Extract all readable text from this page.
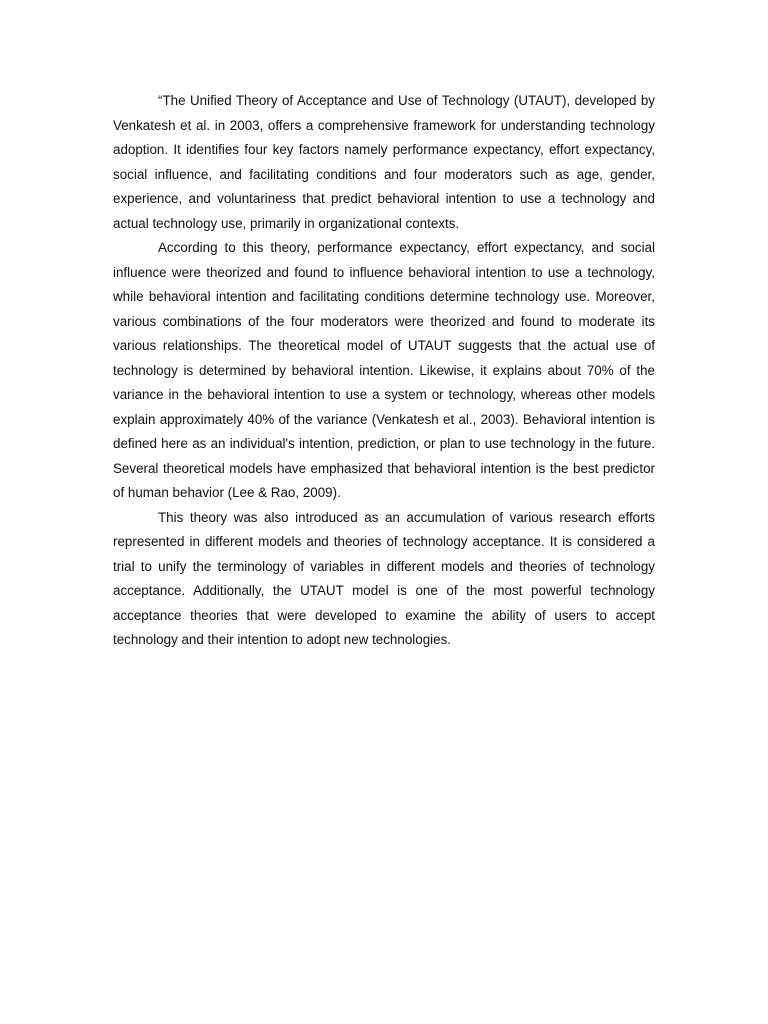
“The Unified Theory of Acceptance and Use of Technology (UTAUT), developed by Venkatesh et al. in 2003, offers a comprehensive framework for understanding technology adoption. It identifies four key factors namely performance expectancy, effort expectancy, social influence, and facilitating conditions and four moderators such as age, gender, experience, and voluntariness that predict behavioral intention to use a technology and actual technology use, primarily in organizational contexts.

According to this theory, performance expectancy, effort expectancy, and social influence were theorized and found to influence behavioral intention to use a technology, while behavioral intention and facilitating conditions determine technology use. Moreover, various combinations of the four moderators were theorized and found to moderate its various relationships. The theoretical model of UTAUT suggests that the actual use of technology is determined by behavioral intention. Likewise, it explains about 70% of the variance in the behavioral intention to use a system or technology, whereas other models explain approximately 40% of the variance (Venkatesh et al., 2003). Behavioral intention is defined here as an individual's intention, prediction, or plan to use technology in the future. Several theoretical models have emphasized that behavioral intention is the best predictor of human behavior (Lee & Rao, 2009).

This theory was also introduced as an accumulation of various research efforts represented in different models and theories of technology acceptance. It is considered a trial to unify the terminology of variables in different models and theories of technology acceptance. Additionally, the UTAUT model is one of the most powerful technology acceptance theories that were developed to examine the ability of users to accept technology and their intention to adopt new technologies.
